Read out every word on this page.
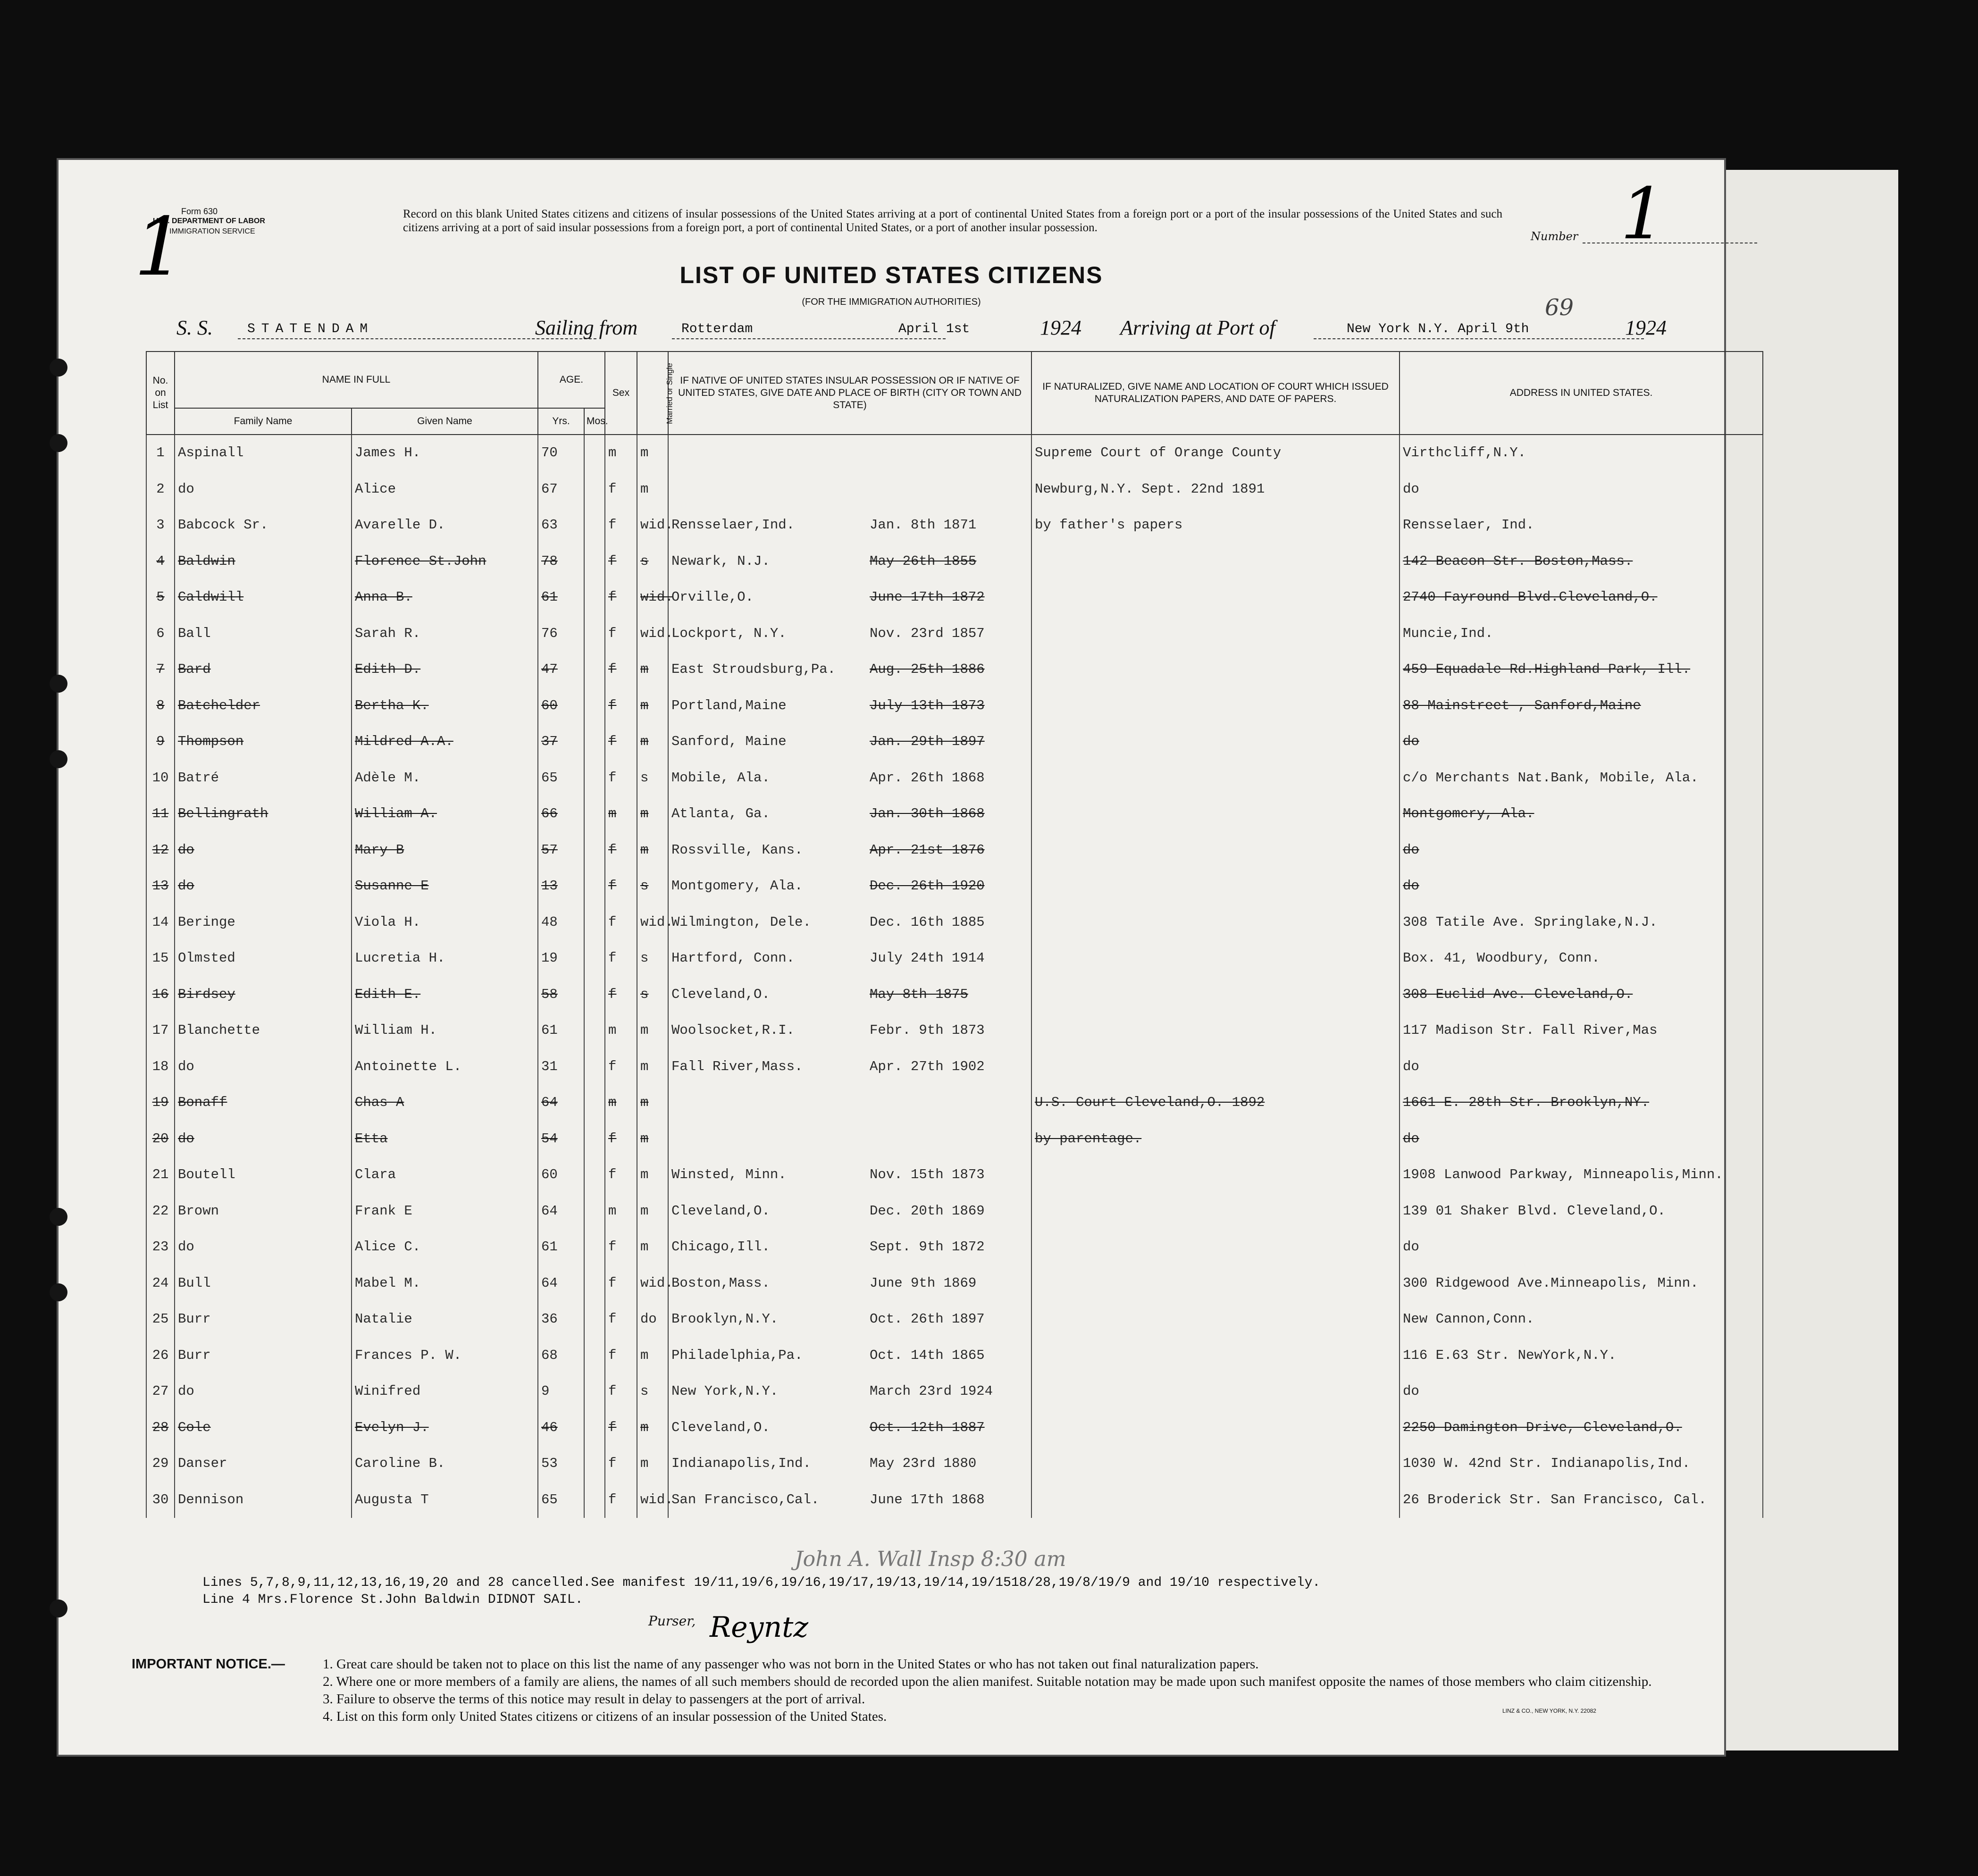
Form 630
U. S. DEPARTMENT OF LABOR
IMMIGRATION SERVICE
1	Record on this blank United States citizens and citizens of insular possessions of the United States arriving at a port of continental United States from a foreign port or a port of the insular possessions of the United States and such citizens arriving at a port of said insular possessions from a foreign port, a port of continental United States, or a port of another insular possession.
Number 1
LIST OF UNITED STATES CITIZENS
(FOR THE IMMIGRATION AUTHORITIES)
S. S.	STATENDAM	Sailing from	Rotterdam	April 1st	1924 Arriving at Port of	New York N.Y. April 9th	1924
69
No. on List	NAME IN FULL		AGE.		Sex	Married or Single	IF NATIVE OF UNITED STATES INSULAR POSSESSION OR IF NATIVE OF UNITED STATES, GIVE DATE AND PLACE OF BIRTH (CITY OR TOWN AND STATE)	IF NATURALIZED, GIVE NAME AND LOCATION OF COURT WHICH ISSUED NATURALIZATION PAPERS, AND DATE OF PAPERS.	ADDRESS IN UNITED STATES.
	Family Name	Given Name	Yrs.	Mos.					
1	Aspinall	James H.	70		m	m		Supreme Court of Orange County	Virthcliff,N.Y.
2	do	Alice	67		f	m		Newburg,N.Y. Sept. 22nd 1891	do
3	Babcock Sr.	Avarelle D.	63		f	wid.	Rensselaer,Ind. Jan. 8th 1871	by father's papers	Rensselaer, Ind.
4	Baldwin	Florence St.John	78		f	s	Newark, N.J. May 26th 1855		142 Beacon Str. Boston,Mass.
5	Caldwill	Anna B.	61		f	wid.	Orville,O. June 17th 1872		2740 Fayround Blvd.Cleveland,O.
6	Ball	Sarah R.	76		f	wid.	Lockport, N.Y. Nov. 23rd 1857		Muncie,Ind.
7	Bard	Edith D.	47		f	m	East Stroudsburg,Pa. Aug. 25th 1886		459 Equadale Rd.Highland Park, Ill.
8	Batchelder	Bertha K.	60		f	m	Portland,Maine July 13th 1873		88 Mainstreet , Sanford,Maine
9	Thompson	Mildred A.A.	37		f	m	Sanford, Maine Jan. 29th 1897		do
10	Batré	Adèle M.	65		f	s	Mobile, Ala. Apr. 26th 1868		c/o Merchants Nat.Bank, Mobile, Ala.
11	Bellingrath	William A.	66		m	m	Atlanta, Ga. Jan. 30th 1868		Montgomery, Ala.
12	do	Mary B	57		f	m	Rossville, Kans. Apr. 21st 1876		do
13	do	Susanne E	13		f	s	Montgomery, Ala. Dec. 26th 1920		do
14	Beringe	Viola H.	48		f	wid.	Wilmington, Dele. Dec. 16th 1885		308 Tatile Ave. Springlake,N.J.
15	Olmsted	Lucretia H.	19		f	s	Hartford, Conn. July 24th 1914		Box. 41, Woodbury, Conn.
16	Birdsey	Edith E.	58		f	s	Cleveland,O. May 8th 1875		308 Euclid Ave. Cleveland,O.
17	Blanchette	William H.	61		m	m	Woolsocket,R.I. Febr. 9th 1873		117 Madison Str. Fall River,Mas
18	do	Antoinette L.	31		f	m	Fall River,Mass. Apr. 27th 1902		do
19	Bonaff	Chas A	64		m	m		U.S. Court Cleveland,O. 1892	1661 E. 28th Str. Brooklyn,NY.
20	do	Etta	54		f	m		by parentage.	do
21	Boutell	Clara	60		f	m	Winsted, Minn. Nov. 15th 1873		1908 Lanwood Parkway, Minneapolis,Minn.
22	Brown	Frank E	64		m	m	Cleveland,O. Dec. 20th 1869		139 01 Shaker Blvd. Cleveland,O.
23	do	Alice C.	61		f	m	Chicago,Ill. Sept. 9th 1872		do
24	Bull	Mabel M.	64		f	wid.	Boston,Mass. June 9th 1869		300 Ridgewood Ave.Minneapolis, Minn.
25	Burr	Natalie	36		f	do	Brooklyn,N.Y. Oct. 26th 1897		New Cannon,Conn.
26	Burr	Frances P. W.	68		f	m	Philadelphia,Pa. Oct. 14th 1865		116 E.63 Str. NewYork,N.Y.
27	do	Winifred	9		f	s	New York,N.Y. March 23rd 1924		do
28	Cole	Evelyn J.	46		f	m	Cleveland,O. Oct. 12th 1887		2250 Damington Drive, Cleveland,O.
29	Danser	Caroline B.	53		f	m	Indianapolis,Ind. May 23rd 1880		1030 W. 42nd Str. Indianapolis,Ind.
30	Dennison	Augusta T	65		f	wid.	San Francisco,Cal. June 17th 1868		26 Broderick Str. San Francisco, Cal.
Lines 5,7,8,9,11,12,13,16,19,20 and 28 cancelled.See manifest 19/11,19/6,19/16,19/17,19/13,19/14,19/1518/28,19/8/19/9 and 19/10 respectively.
Line 4 Mrs.Florence St.John Baldwin DIDNOT SAIL.
John A. Wall Insp 8:30 am
Purser, Reyntz
IMPORTANT NOTICE.—	1. Great care should be taken not to place on this list the name of any passenger who was not born in the United States or who has not taken out final naturalization papers.

2. Where one or more members of a family are aliens, the names of all such members should de recorded upon the alien manifest. Suitable notation may be made upon such manifest opposite the names of those members who claim citizenship.

3. Failure to observe the terms of this notice may result in delay to passengers at the port of arrival.

4. List on this form only United States citizens or citizens of an insular possession of the United States.	LINZ & CO., NEW YORK, N.Y. 22082
